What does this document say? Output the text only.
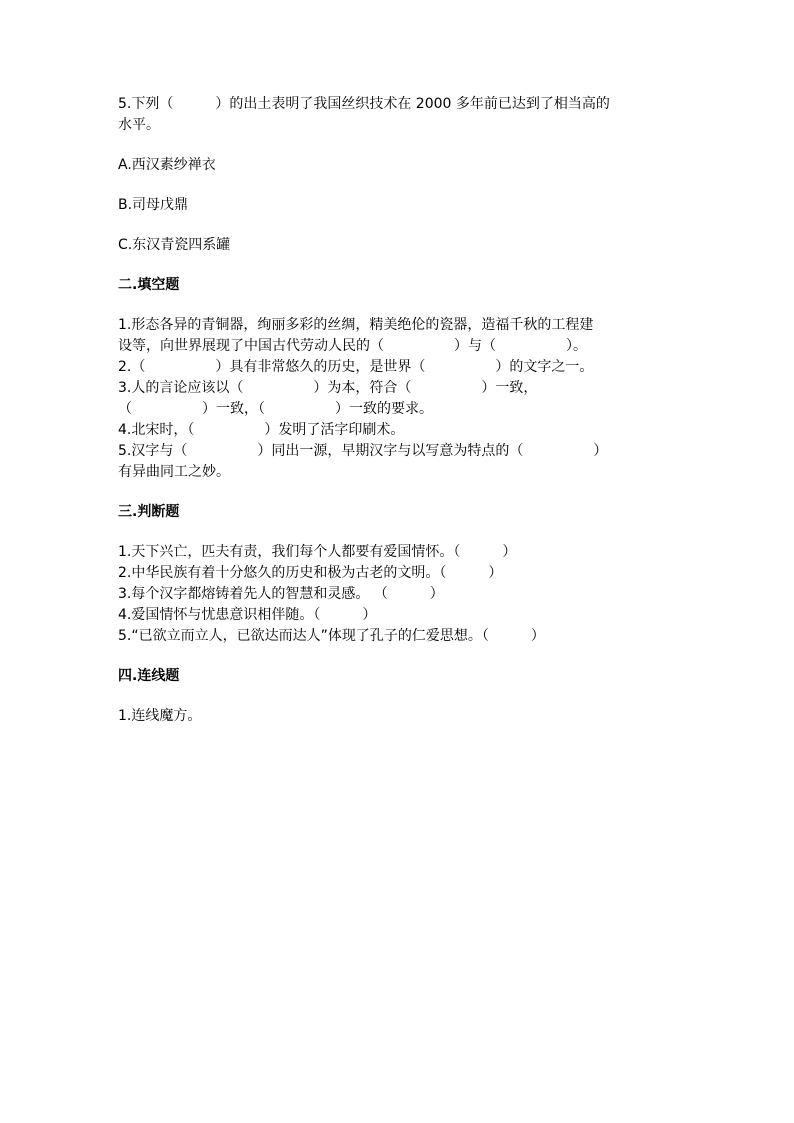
5.下列（　　　）的出土表明了我国丝织技术在 2000 多年前已达到了相当高的
水平。
A.西汉素纱禅衣
B.司母戊鼎
C.东汉青瓷四系罐
二.填空题
1.形态各异的青铜器，绚丽多彩的丝绸，精美绝伦的瓷器，造福千秋的工程建
设等，向世界展现了中国古代劳动人民的（　　　　　）与（　　　　　）。
2.（　　　　　）具有非常悠久的历史，是世界（　　　　　）的文字之一。
3.人的言论应该以（　　　　　）为本，符合（　　　　　）一致，
（　　　　　）一致，（　　　　　）一致的要求。
4.北宋时，（　　　　　）发明了活字印刷术。
5.汉字与（　　　　　）同出一源，早期汉字与以写意为特点的（　　　　　）
有异曲同工之妙。
三.判断题
1.天下兴亡，匹夫有责，我们每个人都要有爱国情怀。（　　　）
2.中华民族有着十分悠久的历史和极为古老的文明。（　　　）
3.每个汉字都熔铸着先人的智慧和灵感。 （　　　）
4.爱国情怀与忧患意识相伴随。（　　　）
5.“已欲立而立人，已欲达而达人”体现了孔子的仁爱思想。（　　　）
四.连线题
1.连线魔方。
